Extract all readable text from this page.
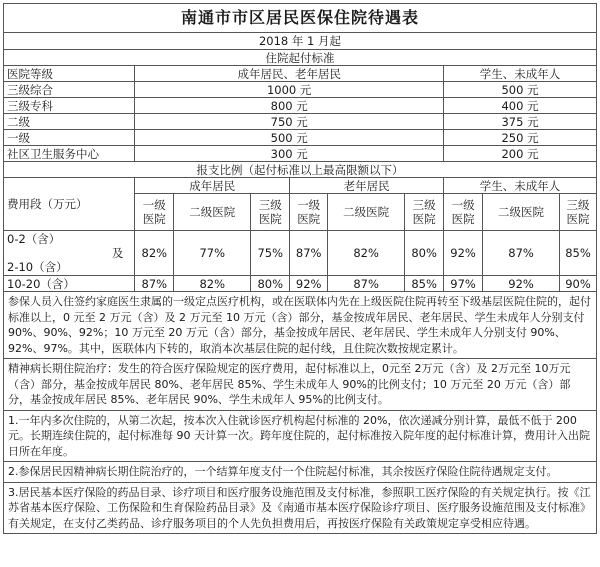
南通市市区居民医保住院待遇表									
2018 年 1 月起									
住院起付标准									
医院等级	成年居民、老年居民						学生、未成年人		
三级综合	1000 元						500 元		
三级专科	800 元						400 元		
二级	750 元						375 元		
一级	500 元						250 元		
社区卫生服务中心	300 元						200 元		
报支比例（起付标准以上最高限额以下）									
费用段（万元）	成年居民			老年居民			学生、未成年人		
	一级医院	二级医院	三级医院	一级医院	二级医院	三级医院	一级医院	二级医院	三级医院

0-2（含）
及
2-10（含）	82%	77%	75%	87%	82%	80%	92%	87%	85%
10-20（含）	87%	82%	80%	92%	87%	85%	97%	92%	90%
参保人员入住签约家庭医生隶属的一级定点医疗机构，或在医联体内先在上级医院住院再转至下级基层医院住院的，起付标准以上，0 元至 2 万元（含）及 2 万元至 10 万元（含）部分，基金按成年居民、老年居民、学生未成年人分别支付 90%、90%、92%；10 万元至 20 万元（含）部分，基金按成年居民、老年居民、学生未成年人分别支付 90%、92%、97%。其中，医联体内下转的，取消本次基层住院的起付线，且住院次数按规定累计。									
精神病长期住院治疗：发生的符合医疗保险规定的医疗费用，起付标准以上，0元至 2万元（含）及 2万元至 10万元（含）部分，基金按成年居民 80%、老年居民 85%、学生未成年人 90%的比例支付；10 万元至 20 万元（含）部分，基金按成年居民 85%、老年居民 90%、学生未成年人 95%的比例支付。									
1.一年内多次住院的，从第二次起，按本次入住就诊医疗机构起付标准的 20%，依次递减分别计算，最低不低于 200 元。长期连续住院的，起付标准每 90 天计算一次。跨年度住院的，起付标准按入院年度的起付标准计算，费用计入出院日所在年度。									
2.参保居民因精神病长期住院治疗的，一个结算年度支付一个住院起付标准，其余按医疗保险住院待遇规定支付。									
3.居民基本医疗保险的药品目录、诊疗项目和医疗服务设施范围及支付标准，参照职工医疗保险的有关规定执行。按《江苏省基本医疗保险、工伤保险和生育保险药品目录》及《南通市基本医疗保险诊疗项目、医疗服务设施范围及支付标准》有关规定，在支付乙类药品、诊疗服务项目的个人先负担费用后，再按医疗保险有关政策规定享受相应待遇。									
